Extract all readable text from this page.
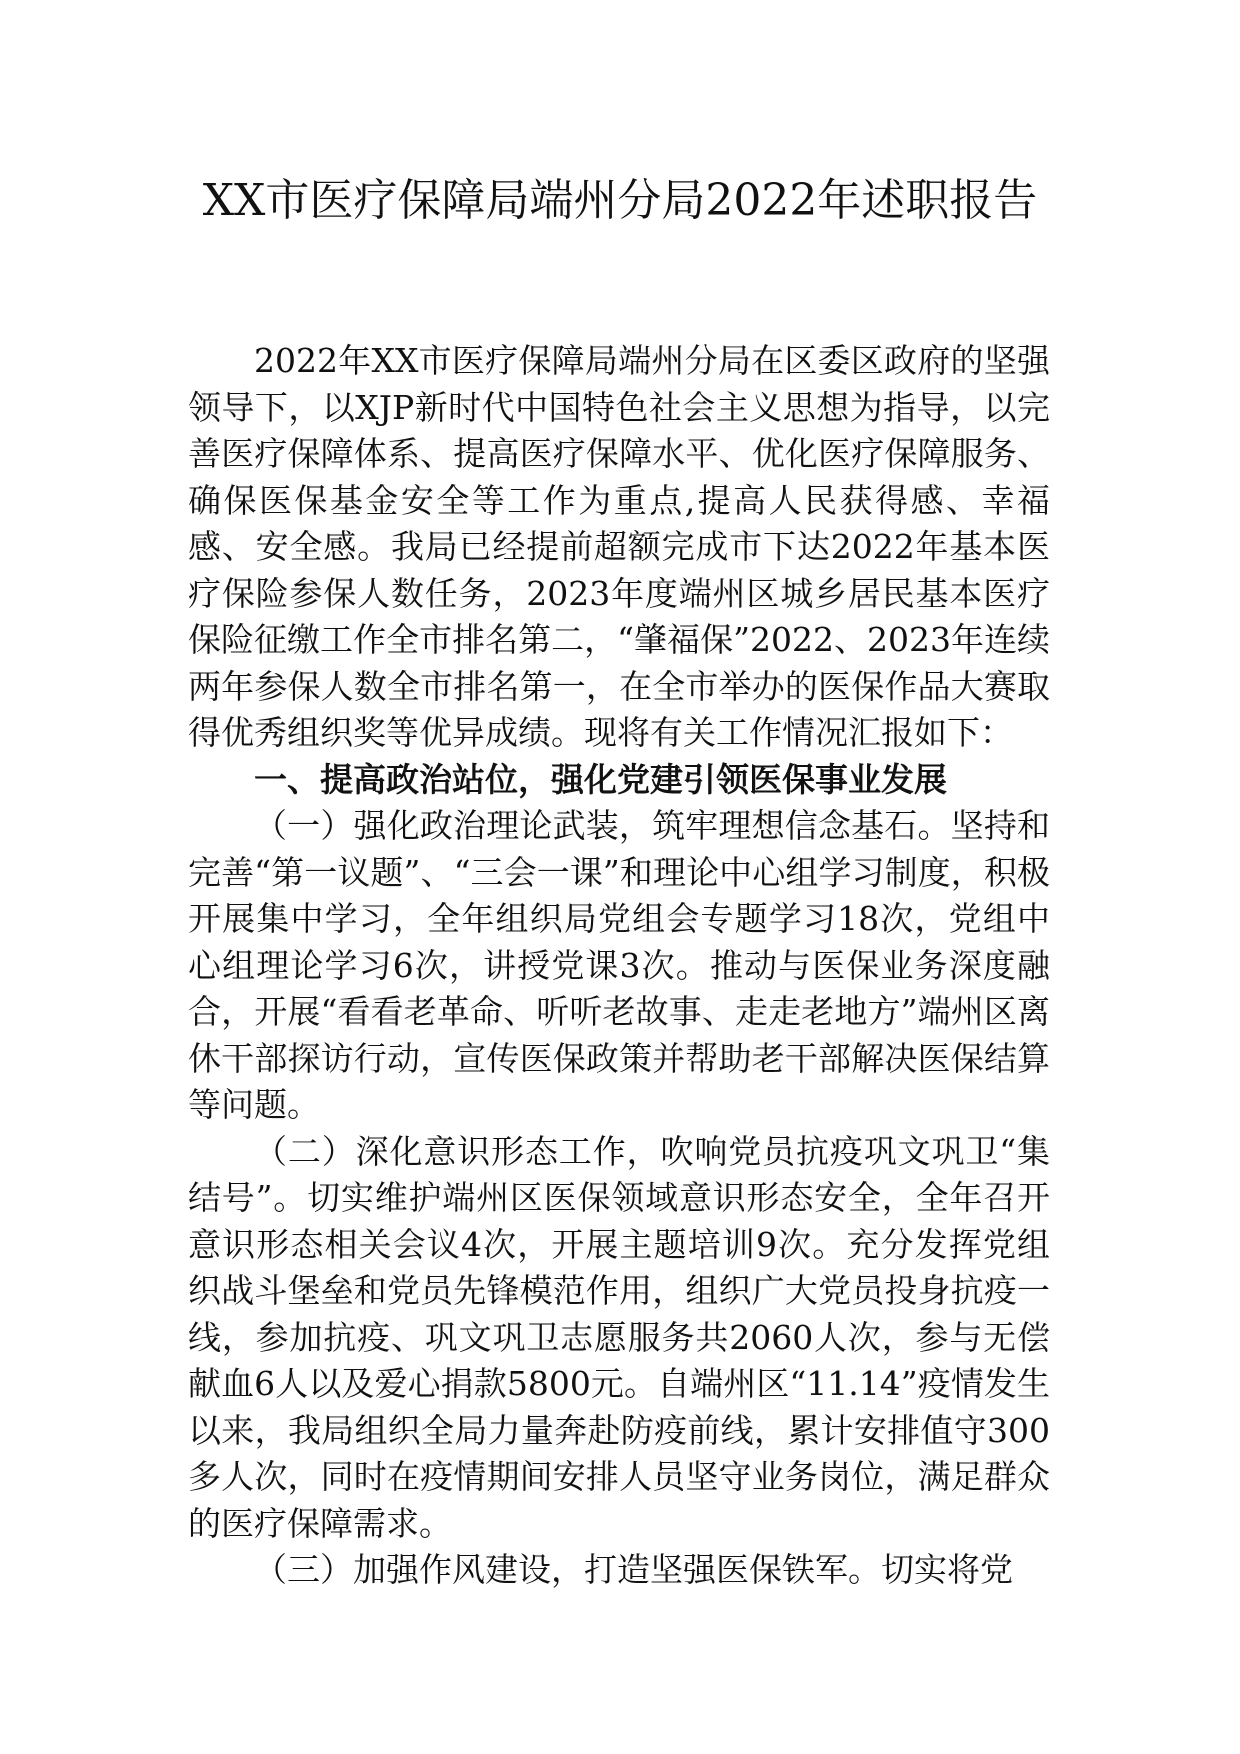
XX市医疗保障局端州分局2022年述职报告

2022年XX市医疗保障局端州分局在区委区政府的坚强领导下，以XJP新时代中国特色社会主义思想为指导，以完善医疗保障体系、提高医疗保障水平、优化医疗保障服务、确保医保基金安全等工作为重点,提高人民获得感、幸福感、安全感。我局已经提前超额完成市下达2022年基本医疗保险参保人数任务，2023年度端州区城乡居民基本医疗保险征缴工作全市排名第二，“肇福保”2022、2023年连续两年参保人数全市排名第一，在全市举办的医保作品大赛取得优秀组织奖等优异成绩。现将有关工作情况汇报如下：

一、提高政治站位，强化党建引领医保事业发展

（一）强化政治理论武装，筑牢理想信念基石。坚持和完善“第一议题”、“三会一课”和理论中心组学习制度，积极开展集中学习，全年组织局党组会专题学习18次，党组中心组理论学习6次，讲授党课3次。推动与医保业务深度融合，开展“看看老革命、听听老故事、走走老地方”端州区离休干部探访行动，宣传医保政策并帮助老干部解决医保结算等问题。

（二）深化意识形态工作，吹响党员抗疫巩文巩卫“集结号”。切实维护端州区医保领域意识形态安全，全年召开意识形态相关会议4次，开展主题培训9次。充分发挥党组织战斗堡垒和党员先锋模范作用，组织广大党员投身抗疫一线，参加抗疫、巩文巩卫志愿服务共2060人次，参与无偿献血6人以及爱心捐款5800元。自端州区“11.14”疫情发生以来，我局组织全局力量奔赴防疫前线，累计安排值守300多人次，同时在疫情期间安排人员坚守业务岗位，满足群众的医疗保障需求。

（三）加强作风建设，打造坚强医保铁军。切实将党
